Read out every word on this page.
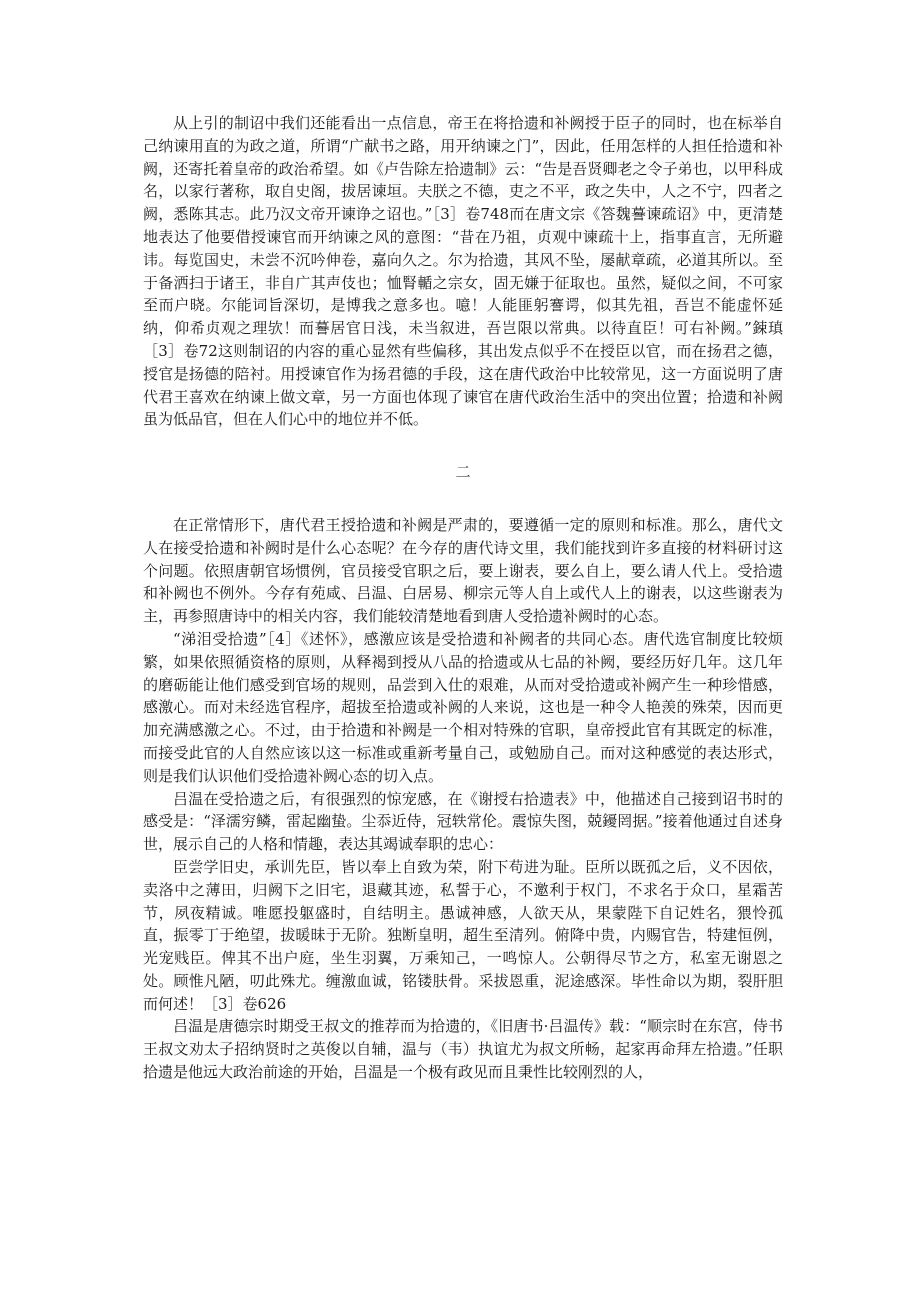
从上引的制诏中我们还能看出一点信息，帝王在将拾遗和补阙授于臣子的同时，也在标举自己纳谏用直的为政之道，所谓“广献书之路，用开纳谏之门”，因此，任用怎样的人担任拾遗和补阙，还寄托着皇帝的政治希望。如《卢告除左拾遗制》云：“告是吾贤卿老之令子弟也，以甲科成名，以家行著称，取自史阁，拔居谏垣。夫朕之不德，吏之不平，政之失中，人之不宁，四者之阙，悉陈其志。此乃汉文帝开谏诤之诏也。”［3］卷748而在唐文宗《答魏謩谏疏诏》中，更清楚地表达了他要借授谏官而开纳谏之风的意图：“昔在乃祖，贞观中谏疏十上，指事直言，无所避讳。每览国史，未尝不沉吟伸卷，嘉向久之。尔为拾遗，其风不坠，屡献章疏，必道其所以。至于备洒扫于诸王，非自广其声伎也；恤腎輴之宗女，固无嫌于征取也。虽然，疑似之间，不可家至而户晓。尔能词旨深切，是博我之意多也。噫！人能匪躬謇谔，似其先祖，吾岂不能虚怀延纳，仰希贞观之理欤！而謩居官日浅，未当叙进，吾岂限以常典。以待直臣！可右补阙。”鋉瑱［3］卷72这则制诏的内容的重心显然有些偏移，其出发点似乎不在授臣以官，而在扬君之德，授官是扬德的陪衬。用授谏官作为扬君德的手段，这在唐代政治中比较常见，这一方面说明了唐代君王喜欢在纳谏上做文章，另一方面也体现了谏官在唐代政治生活中的突出位置；拾遗和补阙虽为低品官，但在人们心中的地位并不低。

二

在正常情形下，唐代君王授拾遗和补阙是严肃的，要遵循一定的原则和标准。那么，唐代文人在接受拾遗和补阙时是什么心态呢？在今存的唐代诗文里，我们能找到许多直接的材料研讨这个问题。依照唐朝官场惯例，官员接受官职之后，要上谢表，要么自上，要么请人代上。受拾遗和补阙也不例外。今存有苑咸、吕温、白居易、柳宗元等人自上或代人上的谢表，以这些谢表为主，再参照唐诗中的相关内容，我们能较清楚地看到唐人受拾遗补阙时的心态。

“涕泪受拾遗”［4］《述怀》，感激应该是受拾遗和补阙者的共同心态。唐代选官制度比较烦繁，如果依照循资格的原则，从释褐到授从八品的拾遗或从七品的补阙，要经历好几年。这几年的磨砺能让他们感受到官场的规则，品尝到入仕的艰难，从而对受拾遗或补阙产生一种珍惜感，感激心。而对未经选官程序，超拔至拾遗或补阙的人来说，这也是一种令人艳羡的殊荣，因而更加充满感激之心。不过，由于拾遗和补阙是一个相对特殊的官职，皇帝授此官有其既定的标准，而接受此官的人自然应该以这一标准或重新考量自己，或勉励自己。而对这种感觉的表达形式，则是我们认识他们受拾遗补阙心态的切入点。

吕温在受拾遗之后，有很强烈的惊宠感，在《谢授右拾遗表》中，他描述自己接到诏书时的感受是：“泽濡穷鳞，雷起幽蛰。尘忝近侍，冠轶常伦。震惊失图，兢䥳罔据。”接着他通过自述身世，展示自己的人格和情趣，表达其竭诚奉职的忠心：

臣尝学旧史，承训先臣，皆以奉上自致为荣，附下苟进为耻。臣所以既孤之后，义不因依，卖洛中之薄田，归阙下之旧宅，退藏其迹，私誓于心，不邀利于权门，不求名于众口，星霜苦节，夙夜精诚。唯愿投躯盛时，自结明主。愚诚神感，人欲天从，果蒙陛下自记姓名，猥怜孤直，振零丁于绝望，拔暖昧于无阶。独断皇明，超生至清列。俯降中贵，内赐官告，特建恒例，光宠贱臣。俾其不出户庭，坐生羽翼，万乘知己，一鸣惊人。公朝得尽节之方，私室无谢恩之处。顾惟凡陋，叨此殊尤。缠激血诚，铭镂肤骨。采拔恩重，泥途感深。毕性命以为期，裂肝胆而何述！［3］卷626

吕温是唐德宗时期受王叔文的推荐而为拾遗的，《旧唐书·吕温传》载：“顺宗时在东宫，侍书王叔文劝太子招纳贤时之英俊以自辅，温与（韦）执谊尤为叔文所畅，起家再命拜左拾遗。”任职拾遗是他远大政治前途的开始，吕温是一个极有政见而且秉性比较刚烈的人，
